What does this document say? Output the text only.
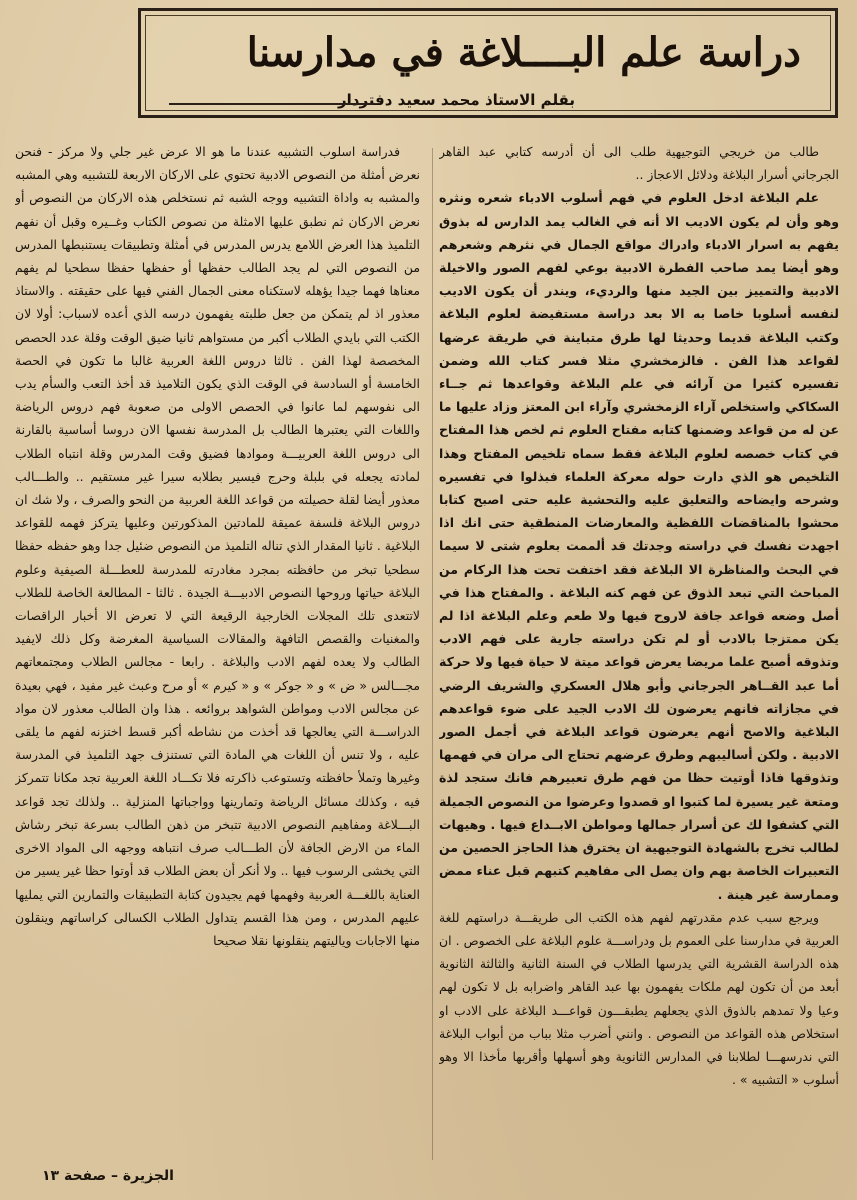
دراسة علم البــــلاغة في مدارسنا
بقلم الاستاذ محمد سعيد دفتردار

طالب من خريجي التوجيهية طلب الى أن أدرسه كتابي عبد القاهر الجرجاني أسرار البلاغة ودلائل الاعجاز ..

علم البلاغة ادخل العلوم في فهم أسلوب الادباء شعره ونثره وهو وأن لم يكون الاديب الا أنه في الغالب يمد الدارس له بذوق يفهم به اسرار الادباء وادراك مواقع الجمال في نثرهم وشعرهم وهو أيضا يمد صاحب الفطرة الادبية بوعي لفهم الصور والاخيلة الادبية والتمييز بين الجيد منها والرديء، ويندر أن يكون الاديب لنفسه أسلوبا خاصا به الا بعد دراسة مستفيضة لعلوم البلاغة وكتب البلاغة قديما وحديثا لها طرق متباينة في طريقة عرضها لقواعد هذا الفن . فالزمخشري مثلا فسر كتاب الله وضمن تفسيره كثيرا من آرائه في علم البلاغة وقواعدها ثم جــاء السكاكي واستخلص آراء الزمخشري وآراء ابن المعتز وزاد عليها ما عن له من قواعد وضمنها كتابه مفتاح العلوم ثم لخص هذا المفتاح في كتاب خصصه لعلوم البلاغة فقط سماه تلخيص المفتاح وهذا التلخيص هو الذي دارت حوله معركة العلماء فبذلوا في تفسيره وشرحه وايضاحه والتعليق عليه والتحشية عليه حتى اصبح كتابا محشوا بالمناقضات اللفظية والمعارضات المنطقية حتى انك اذا اجهدت نفسك في دراسته وجدتك قد ألممت بعلوم شتى لا سيما في البحث والمناظرة الا البلاغة فقد اختفت تحت هذا الركام من المباحث التي تبعد الذوق عن فهم كنه البلاغة . والمفتاح هذا في أصل وضعه قواعد جافة لاروح فيها ولا طعم وعلم البلاغة اذا لم يكن ممتزجا بالادب أو لم تكن دراسته جارية على فهم الادب وتذوقه أصبح علما مريضا يعرض قواعد ميتة لا حياة فيها ولا حركة أما عبد القــاهر الجرجاني وأبو هلال العسكري والشريف الرضي في مجازاته فانهم يعرضون لك الادب الجيد على ضوء قواعدهم البلاغية والاصح أنهم يعرضون قواعد البلاغة في أجمل الصور الادبية . ولكن أساليبهم وطرق عرضهم تحتاج الى مران في فهمها وتذوقها فاذا أوتيت حظا من فهم طرق تعبيرهم فانك ستجد لذة ومتعة غير يسيرة لما كتبوا او قصدوا وعرضوا من النصوص الجميلة التي كشفوا لك عن أسرار جمالها ومواطن الابــداع فيها . وهيهات لطالب تخرج بالشهادة التوجيهية ان يخترق هذا الحاجز الحصين من التعبيرات الخاصة بهم وان يصل الى مفاهيم كتبهم قبل عناء ممض وممارسة غير هينة .

ويرجع سبب عدم مقدرتهم لفهم هذه الكتب الى طريقـــة دراستهم للغة العربية في مدارسنا على العموم بل ودراســـة علوم البلاغة على الخصوص . ان هذه الدراسة القشرية التي يدرسها الطلاب في السنة الثانية والثالثة الثانوية أبعد من أن تكون لهم ملكات يفهمون بها عبد القاهر واضرابه بل لا تكون لهم وعيا ولا تمدهم بالذوق الذي يجعلهم يطبقـــون قواعـــد البلاغة على الادب او استخلاص هذه القواعد من النصوص . وانني أضرب مثلا بباب من أبواب البلاغة التي ندرسهـــا لطلابنا في المدارس الثانوية وهو أسهلها وأقربها مأخذا الا وهو أسلوب « التشبيه » .

فدراسة اسلوب التشبيه عندنا ما هو الا عرض غير جلي ولا مركز - فنحن نعرض أمثلة من النصوص الادبية تحتوي على الاركان الاربعة للتشبيه وهي المشبه والمشبه به واداة التشبيه ووجه الشبه ثم نستخلص هذه الاركان من النصوص أو نعرض الاركان ثم نطبق عليها الامثلة من نصوص الكتاب وغــيره وقبل أن نفهم التلميذ هذا العرض اللامع يدرس المدرس في أمثلة وتطبيقات يستنبطها المدرس من النصوص التي لم يجد الطالب حفظها أو حفظها حفظا سطحيا لم يفهم معناها فهما جيدا يؤهله لاستكناه معنى الجمال الفني فيها على حقيقته . والاستاذ معذور اذ لم يتمكن من جعل طلبته يفهمون درسه الذي أعده لاسباب: أولا لان الكتب التي بايدي الطلاب أكبر من مستواهم ثانيا ضيق الوقت وقلة عدد الحصص المخصصة لهذا الفن . ثالثا دروس اللغة العربية غالبا ما تكون في الحصة الخامسة أو السادسة في الوقت الذي يكون التلاميذ قد أخذ التعب والسأم يدب الى نفوسهم لما عانوا في الحصص الاولى من صعوبة فهم دروس الرياضة واللغات التي يعتبرها الطالب بل المدرسة نفسها الان دروسا أساسية بالقارنة الى دروس اللغة العربيـــة وموادها فضيق وقت المدرس وقلة انتباه الطلاب لمادته يجعله في بلبلة وحرج فيسير بطلابه سيرا غير مستقيم .. والطـــالب معذور أيضا لقلة حصيلته من قواعد اللغة العربية من النحو والصرف ، ولا شك ان دروس البلاغة فلسفة عميقة للمادتين المذكورتين وعليها يتركز فهمه للقواعد البلاغية . ثانيا المقدار الذي تناله التلميذ من النصوص ضئيل جدا وهو حفظه حفظا سطحيا تبخر من حافظته بمجرد مغادرته للمدرسة للعطـــلة الصيفية وعلوم البلاغة حياتها وروحها النصوص الادبيـــة الجيدة . ثالثا - المطالعة الخاصة للطلاب لاتتعدى تلك المجلات الخارجية الرقيعة التي لا تعرض الا أخبار الراقصات والمغنيات والقصص التافهة والمقالات السياسية المغرضة وكل ذلك لايفيد الطالب ولا يعده لفهم الادب والبلاغة . رابعا - مجالس الطلاب ومجتمعاتهم مجـــالس « ض » و « جوكر » و « كيرم » أو مرح وعبث غير مفيد ، فهي بعيدة عن مجالس الادب ومواطن الشواهد بروائعه . هذا وان الطالب معذور لان مواد الدراســـة التي يعالجها قد أخذت من نشاطه أكبر قسط اختزنه لفهم ما يلقى عليه ، ولا تنس أن اللغات هي المادة التي تستنزف جهد التلميذ في المدرسة وغيرها وتملأ حافظته وتستوعب ذاكرته فلا تكـــاد اللغة العربية تجد مكانا تتمركز فيه ، وكذلك مسائل الرياضة وتمارينها وواجباتها المنزلية .. ولذلك تجد قواعد البـــلاغة ومفاهيم النصوص الادبية تتبخر من ذهن الطالب بسرعة تبخر رشاش الماء من الارض الجافة لأن الطـــالب صرف انتباهه ووجهه الى المواد الاخرى التي يخشى الرسوب فيها .. ولا أنكر أن بعض الطلاب قد أوتوا حظا غير يسير من العناية باللغـــة العربية وفهمها فهم يجيدون كتابة التطبيقات والتمارين التي يمليها عليهم المدرس ، ومن هذا القسم يتداول الطلاب الكسالى كراساتهم وينقلون منها الاجابات وياليتهم ينقلونها نقلا صحيحا

الجزيرة – صفحة ١٣
